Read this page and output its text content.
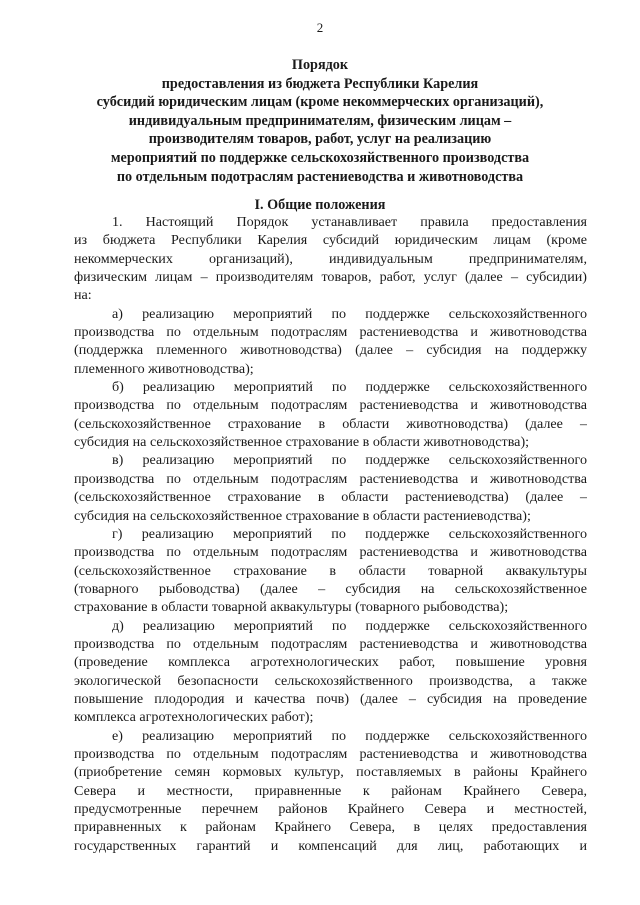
2
Порядок
предоставления из бюджета Республики Карелия
субсидий юридическим лицам (кроме некоммерческих организаций),
индивидуальным предпринимателям, физическим лицам –
производителям товаров, работ, услуг на реализацию
мероприятий по поддержке сельскохозяйственного производства
по отдельным подотраслям растениеводства и животноводства
I. Общие положения
1. Настоящий Порядок устанавливает правила предоставления
из бюджета Республики Карелия субсидий юридическим лицам (кроме
некоммерческих организаций), индивидуальным предпринимателям,
физическим лицам – производителям товаров, работ, услуг (далее – субсидии)
на:
а) реализацию мероприятий по поддержке сельскохозяйственного
производства по отдельным подотраслям растениеводства и животноводства
(поддержка племенного животноводства) (далее – субсидия на поддержку
племенного животноводства);
б) реализацию мероприятий по поддержке сельскохозяйственного
производства по отдельным подотраслям растениеводства и животноводства
(сельскохозяйственное страхование в области животноводства) (далее –
субсидия на сельскохозяйственное страхование в области животноводства);
в) реализацию мероприятий по поддержке сельскохозяйственного
производства по отдельным подотраслям растениеводства и животноводства
(сельскохозяйственное страхование в области растениеводства) (далее –
субсидия на сельскохозяйственное страхование в области растениеводства);
г) реализацию мероприятий по поддержке сельскохозяйственного
производства по отдельным подотраслям растениеводства и животноводства
(сельскохозяйственное страхование в области товарной аквакультуры
(товарного рыбоводства) (далее – субсидия на сельскохозяйственное
страхование в области товарной аквакультуры (товарного рыбоводства);
д) реализацию мероприятий по поддержке сельскохозяйственного
производства по отдельным подотраслям растениеводства и животноводства
(проведение комплекса агротехнологических работ, повышение уровня
экологической безопасности сельскохозяйственного производства, а также
повышение плодородия и качества почв) (далее – субсидия на проведение
комплекса агротехнологических работ);
е) реализацию мероприятий по поддержке сельскохозяйственного
производства по отдельным подотраслям растениеводства и животноводства
(приобретение семян кормовых культур, поставляемых в районы Крайнего
Севера и местности, приравненные к районам Крайнего Севера,
предусмотренные перечнем районов Крайнего Севера и местностей,
приравненных к районам Крайнего Севера, в целях предоставления
государственных гарантий и компенсаций для лиц, работающих и
